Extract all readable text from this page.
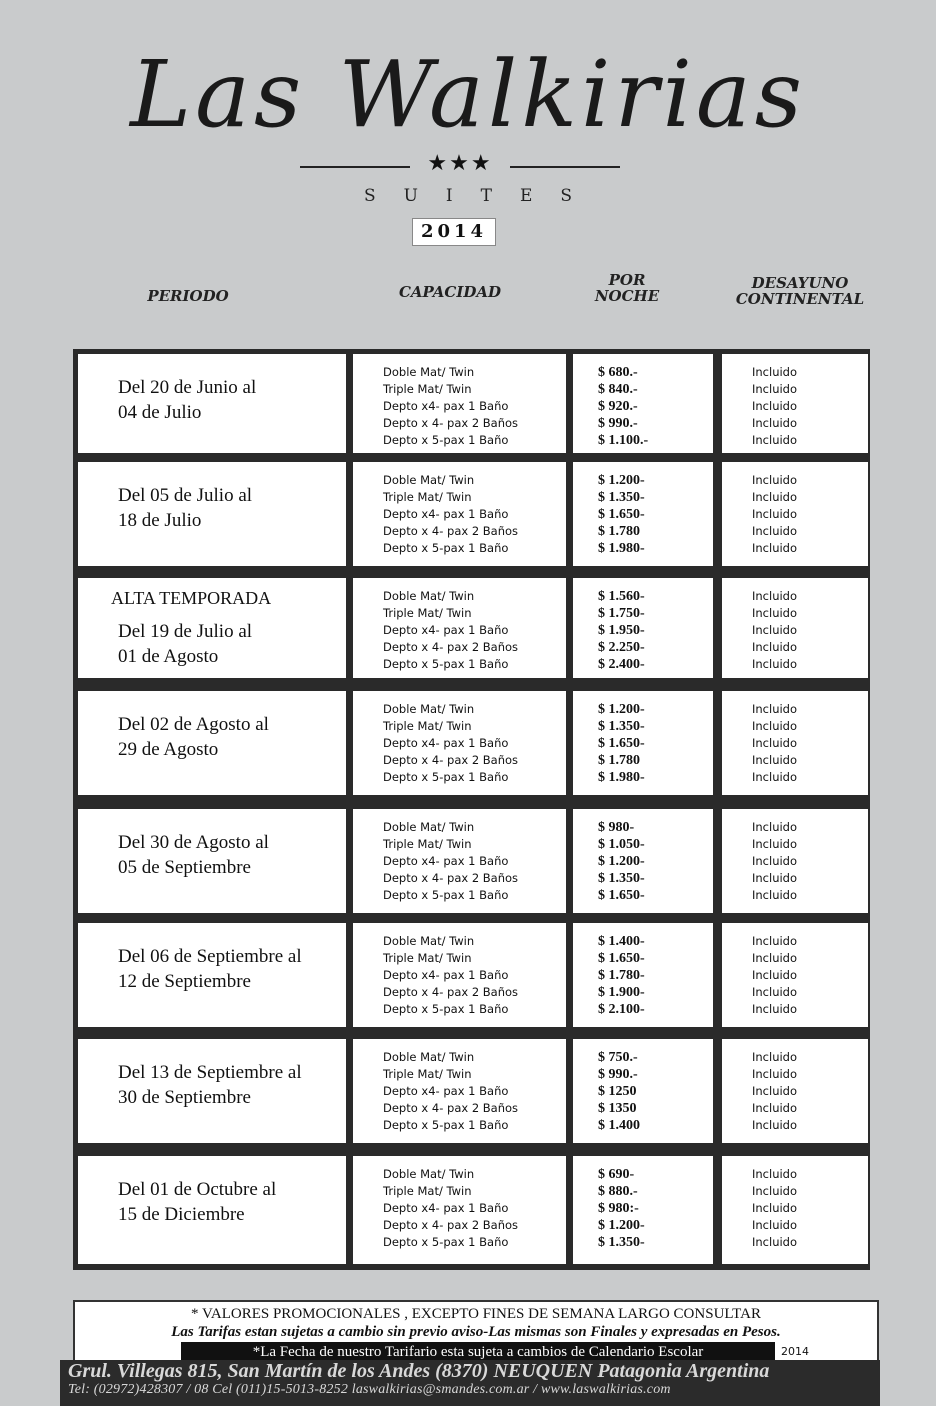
Las Walkirias
★★★
SUITES
2014
PERIODO	CAPACIDAD
POR
NOCHE
DESAYUNO
CONTINENTAL
Del 20 de Junio al
04 de Julio
Doble Mat/ Twin
Triple Mat/ Twin
Depto x4- pax 1 Baño
Depto x 4- pax 2 Baños
Depto x 5-pax 1 Baño
$ 680.-
$ 840.-
$ 920.-
$ 990.-
$ 1.100.-
Incluido
Incluido
Incluido
Incluido
Incluido
Del 05 de Julio al
18 de Julio
Doble Mat/ Twin
Triple Mat/ Twin
Depto x4- pax 1 Baño
Depto x 4- pax 2 Baños
Depto x 5-pax 1 Baño
$ 1.200-
$ 1.350-
$ 1.650-
$ 1.780
$ 1.980-
Incluido
Incluido
Incluido
Incluido
Incluido
ALTA TEMPORADA
Del 19 de Julio al
01 de Agosto
Doble Mat/ Twin
Triple Mat/ Twin
Depto x4- pax 1 Baño
Depto x 4- pax 2 Baños
Depto x 5-pax 1 Baño
$ 1.560-
$ 1.750-
$ 1.950-
$ 2.250-
$ 2.400-
Incluido
Incluido
Incluido
Incluido
Incluido
Del 02 de Agosto al
29 de Agosto
Doble Mat/ Twin
Triple Mat/ Twin
Depto x4- pax 1 Baño
Depto x 4- pax 2 Baños
Depto x 5-pax 1 Baño
$ 1.200-
$ 1.350-
$ 1.650-
$ 1.780
$ 1.980-
Incluido
Incluido
Incluido
Incluido
Incluido
Del 30 de Agosto al
05 de Septiembre
Doble Mat/ Twin
Triple Mat/ Twin
Depto x4- pax 1 Baño
Depto x 4- pax 2 Baños
Depto x 5-pax 1 Baño
$ 980-
$ 1.050-
$ 1.200-
$ 1.350-
$ 1.650-
Incluido
Incluido
Incluido
Incluido
Incluido
Del 06 de Septiembre al
12 de Septiembre
Doble Mat/ Twin
Triple Mat/ Twin
Depto x4- pax 1 Baño
Depto x 4- pax 2 Baños
Depto x 5-pax 1 Baño
$ 1.400-
$ 1.650-
$ 1.780-
$ 1.900-
$ 2.100-
Incluido
Incluido
Incluido
Incluido
Incluido
Del 13 de Septiembre al
30 de Septiembre
Doble Mat/ Twin
Triple Mat/ Twin
Depto x4- pax 1 Baño
Depto x 4- pax 2 Baños
Depto x 5-pax 1 Baño
$ 750.-
$ 990.-
$ 1250
$ 1350
$ 1.400
Incluido
Incluido
Incluido
Incluido
Incluido
Del 01 de Octubre al
15 de Diciembre
Doble Mat/ Twin
Triple Mat/ Twin
Depto x4- pax 1 Baño
Depto x 4- pax 2 Baños
Depto x 5-pax 1 Baño
$ 690-
$ 880.-
$ 980:-
$ 1.200-
$ 1.350-
Incluido
Incluido
Incluido
Incluido
Incluido
* VALORES PROMOCIONALES , EXCEPTO FINES DE SEMANA LARGO CONSULTAR
Las Tarifas estan sujetas a cambio sin previo aviso-Las mismas son Finales y expresadas en Pesos.
*La Fecha de nuestro Tarifario esta sujeta a cambios de Calendario Escolar	2014
Grul. Villegas 815, San Martín de los Andes (8370) NEUQUEN Patagonia Argentina
Tel: (02972)428307 / 08 Cel (011)15-5013-8252 laswalkirias@smandes.com.ar / www.laswalkirias.com
